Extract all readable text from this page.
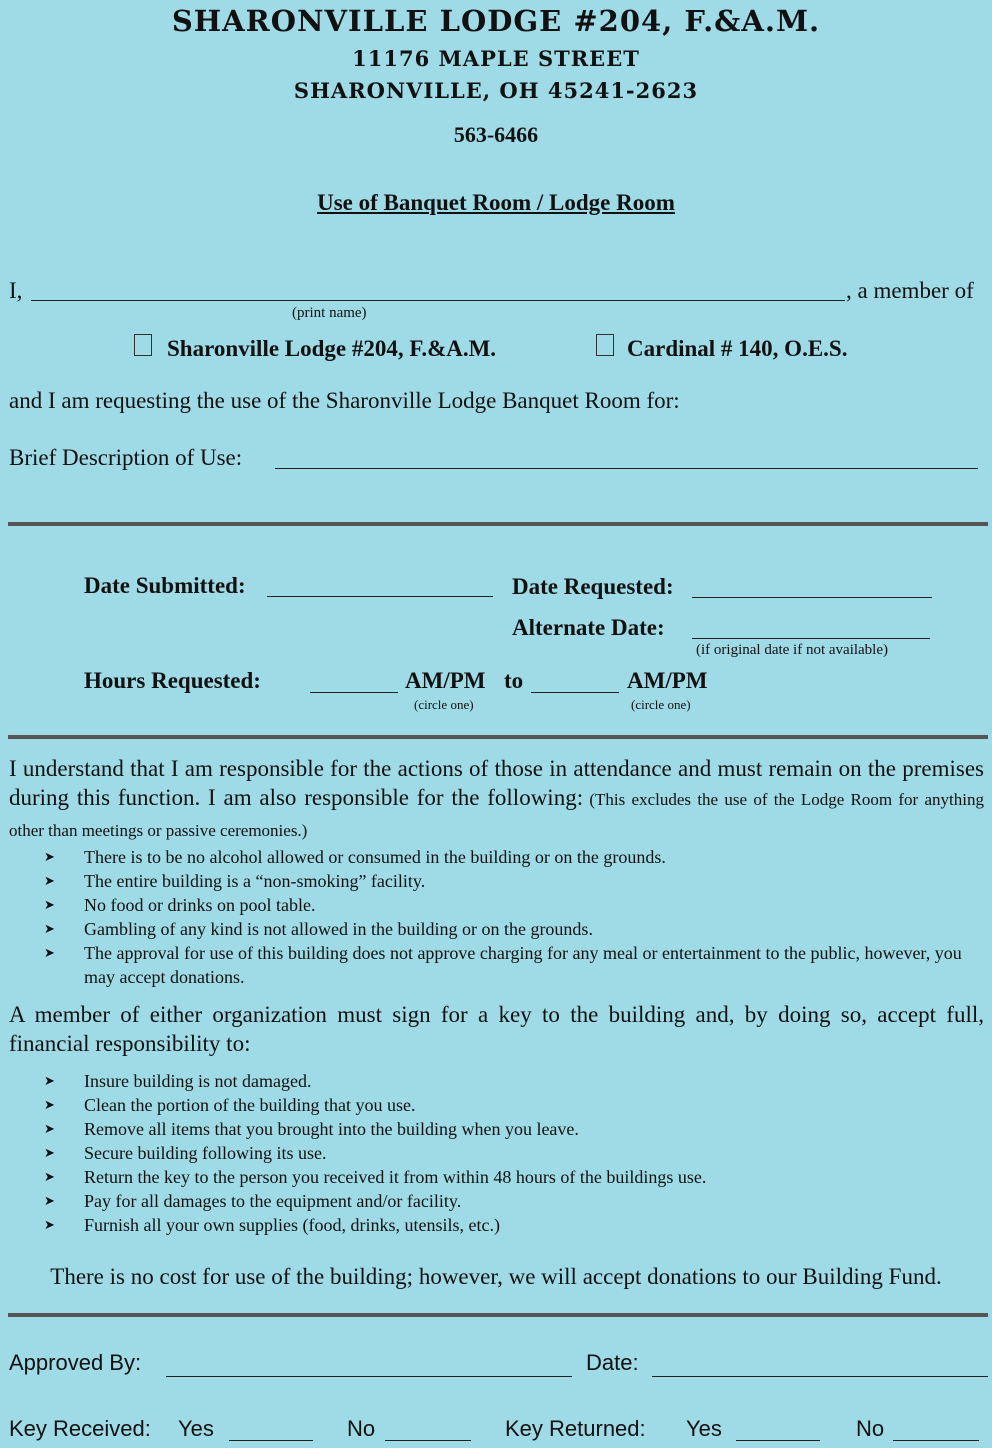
SHARONVILLE LODGE #204, F.&A.M.
11176 MAPLE STREET
SHARONVILLE, OH 45241-2623
563-6466
Use of Banquet Room / Lodge Room
I,	, a member of
(print name)
Sharonville Lodge #204, F.&A.M.	Cardinal # 140, O.E.S.
and I am requesting the use of the Sharonville Lodge Banquet Room for:
Brief Description of Use:
Date Submitted:	Date Requested:
Alternate Date:
(if original date if not available)
Hours Requested:	AM/PM to	AM/PM
(circle one)	(circle one)
I understand that I am responsible for the actions of those in attendance and must remain on the premises during this function. I am also responsible for the following: (This excludes the use of the Lodge Room for anything other than meetings or passive ceremonies.)
➤ There is to be no alcohol allowed or consumed in the building or on the grounds.
➤ The entire building is a “non-smoking” facility.
➤ No food or drinks on pool table.
➤ Gambling of any kind is not allowed in the building or on the grounds.
➤ The approval for use of this building does not approve charging for any meal or entertainment to the public, however, you may accept donations.
A member of either organization must sign for a key to the building and, by doing so, accept full, financial responsibility to:
➤ Insure building is not damaged.
➤ Clean the portion of the building that you use.
➤ Remove all items that you brought into the building when you leave.
➤ Secure building following its use.
➤ Return the key to the person you received it from within 48 hours of the buildings use.
➤ Pay for all damages to the equipment and/or facility.
➤ Furnish all your own supplies (food, drinks, utensils, etc.)
There is no cost for use of the building; however, we will accept donations to our Building Fund.
Approved By:	Date:
Key Received: Yes	No	Key Returned: Yes	No
